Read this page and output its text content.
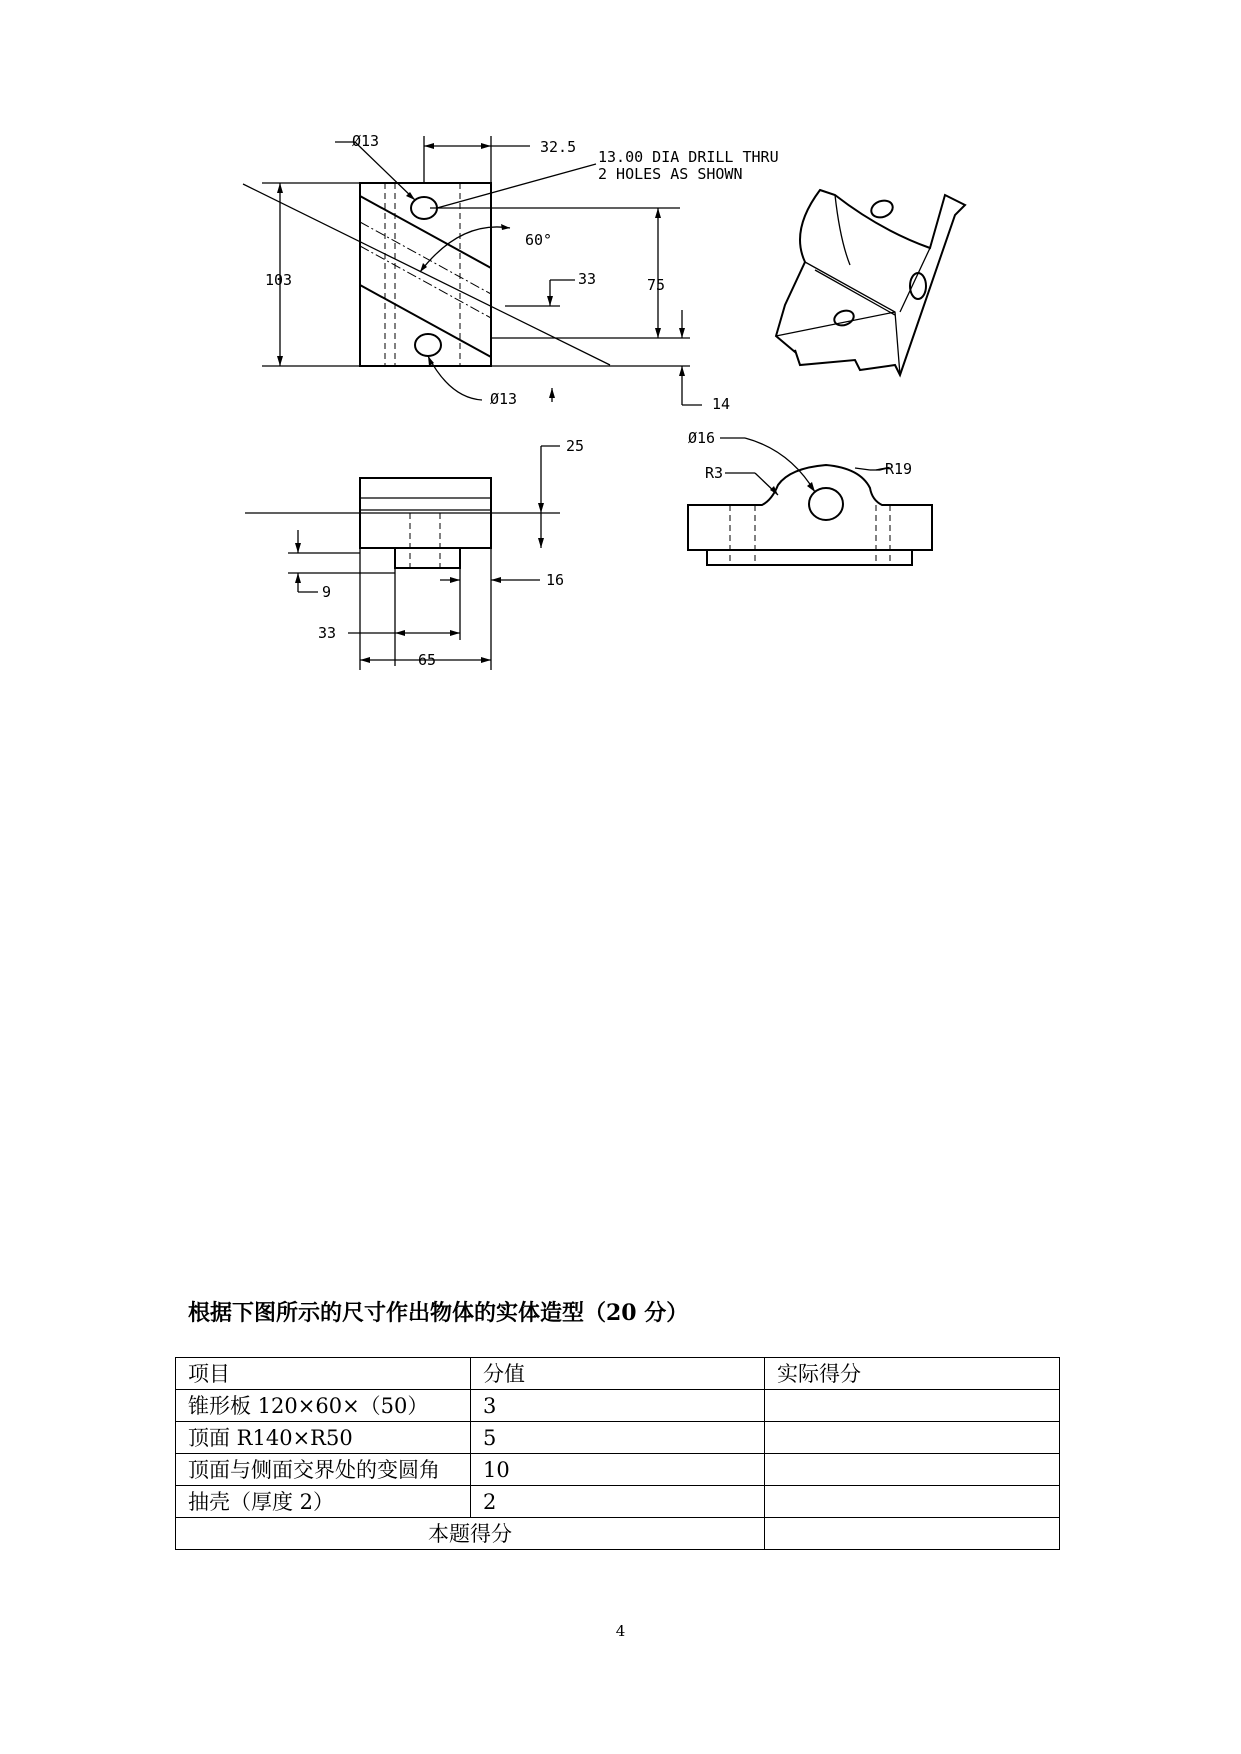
Ø13	32.5
13.00 DIA DRILL THRU
2 HOLES AS SHOWN
60°
103	33	75
Ø13	14
25
9
16
33
65
Ø16
R3	R19
根据下图所示的尺寸作出物体的实体造型（20 分）
项目	分值	实际得分
锥形板 120×60×（50）	3	
顶面 R140×R50	5	
顶面与侧面交界处的变圆角	10	
抽壳（厚度 2）	2	
本题得分		
4
